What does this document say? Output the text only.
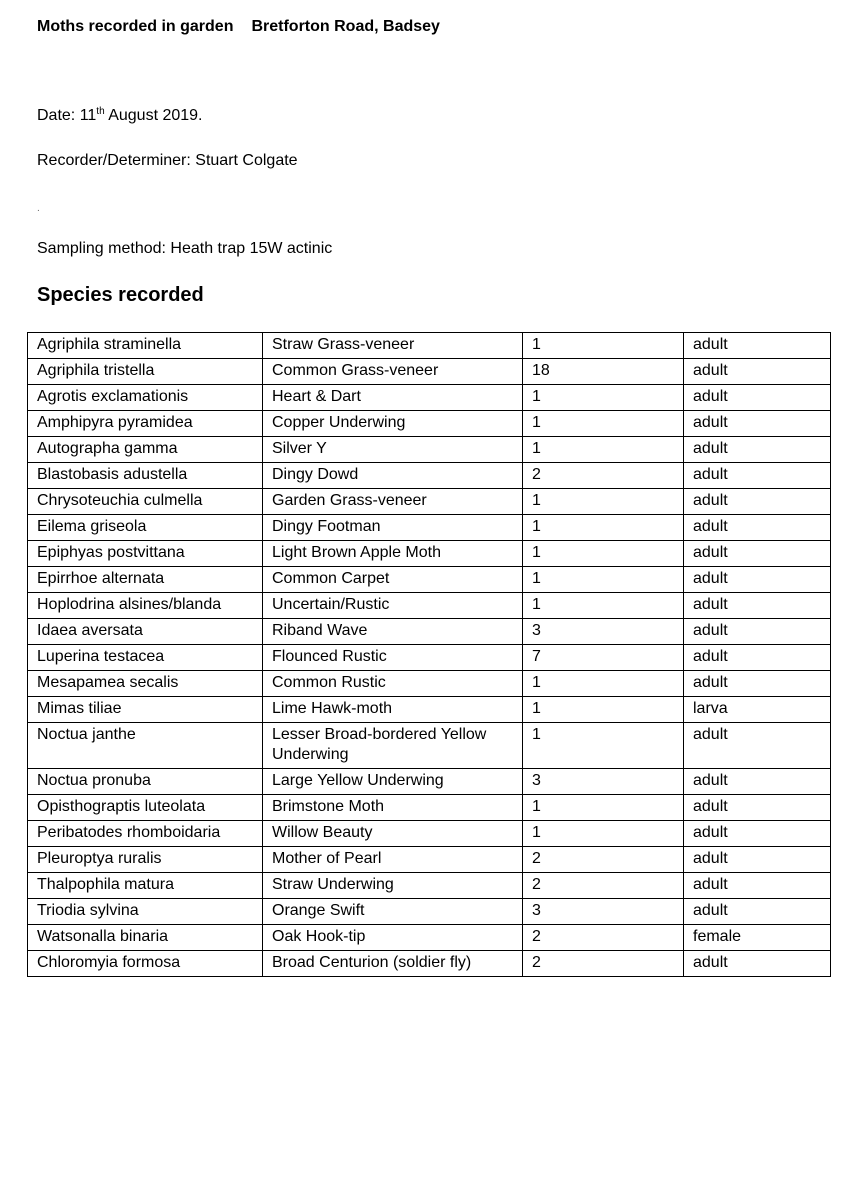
Moths recorded in garden Bretforton Road, Badsey
Date: 11th August 2019.
Recorder/Determiner: Stuart Colgate
.
Sampling method: Heath trap 15W actinic
Species recorded
Agriphila straminella	Straw Grass-veneer	1	adult
Agriphila tristella	Common Grass-veneer	18	adult
Agrotis exclamationis	Heart & Dart	1	adult
Amphipyra pyramidea	Copper Underwing	1	adult
Autographa gamma	Silver Y	1	adult
Blastobasis adustella	Dingy Dowd	2	adult
Chrysoteuchia culmella	Garden Grass-veneer	1	adult
Eilema griseola	Dingy Footman	1	adult
Epiphyas postvittana	Light Brown Apple Moth	1	adult
Epirrhoe alternata	Common Carpet	1	adult
Hoplodrina alsines/blanda	Uncertain/Rustic	1	adult
Idaea aversata	Riband Wave	3	adult
Luperina testacea	Flounced Rustic	7	adult
Mesapamea secalis	Common Rustic	1	adult
Mimas tiliae	Lime Hawk-moth	1	larva
Noctua janthe	Lesser Broad-bordered Yellow Underwing	1	adult
Noctua pronuba	Large Yellow Underwing	3	adult
Opisthograptis luteolata	Brimstone Moth	1	adult
Peribatodes rhomboidaria	Willow Beauty	1	adult
Pleuroptya ruralis	Mother of Pearl	2	adult
Thalpophila matura	Straw Underwing	2	adult
Triodia sylvina	Orange Swift	3	adult
Watsonalla binaria	Oak Hook-tip	2	female
Chloromyia formosa	Broad Centurion (soldier fly)	2	adult
